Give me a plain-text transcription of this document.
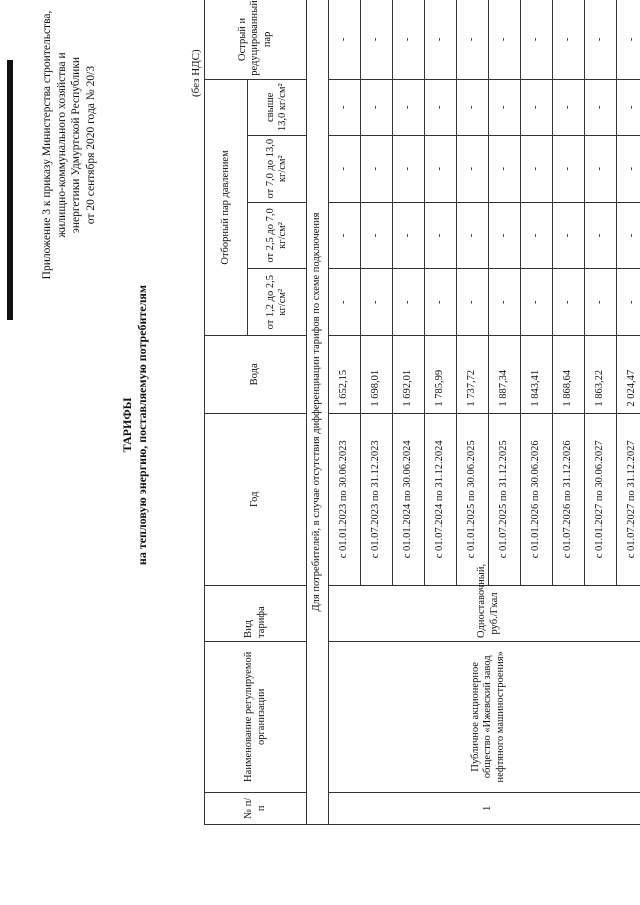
Приложение 3 к приказу Министерства строительства, жилищно-коммунального хозяйства и энергетики Удмуртской Республики от 20 сентября 2020 года № 20/3
ТАРИФЫ на тепловую энергию, поставляемую потребителям
(без НДС)
№ п/п	Наименование регулируемой организации	Вид тарифа	Год	Вода	Отборный пар давлением				Острый и редуцированный пар
					от 1,2 до 2,5 кг/см²	от 2,5 до 7,0 кг/см²	от 7,0 до 13,0 кг/см²	свыше 13,0 кг/см²	
Для потребителей, в случае отсутствия дифференциации тарифов по схеме подключения									
1	Публичное акционерное общество «Ижевский завод нефтяного машиностроения»	Одноставочный, руб./Гкал	с 01.01.2023 по 30.06.2023	1 652,15	-	-	-	-	-
			с 01.07.2023 по 31.12.2023	1 698,01	-	-	-	-	-
			с 01.01.2024 по 30.06.2024	1 692,01	-	-	-	-	-
			с 01.07.2024 по 31.12.2024	1 785,99	-	-	-	-	-
			с 01.01.2025 по 30.06.2025	1 737,72	-	-	-	-	-
			с 01.07.2025 по 31.12.2025	1 887,34	-	-	-	-	-
			с 01.01.2026 по 30.06.2026	1 843,41	-	-	-	-	-
			с 01.07.2026 по 31.12.2026	1 868,64	-	-	-	-	-
			с 01.01.2027 по 30.06.2027	1 863,22	-	-	-	-	-
			с 01.07.2027 по 31.12.2027	2 024,47	-	-	-	-	-
